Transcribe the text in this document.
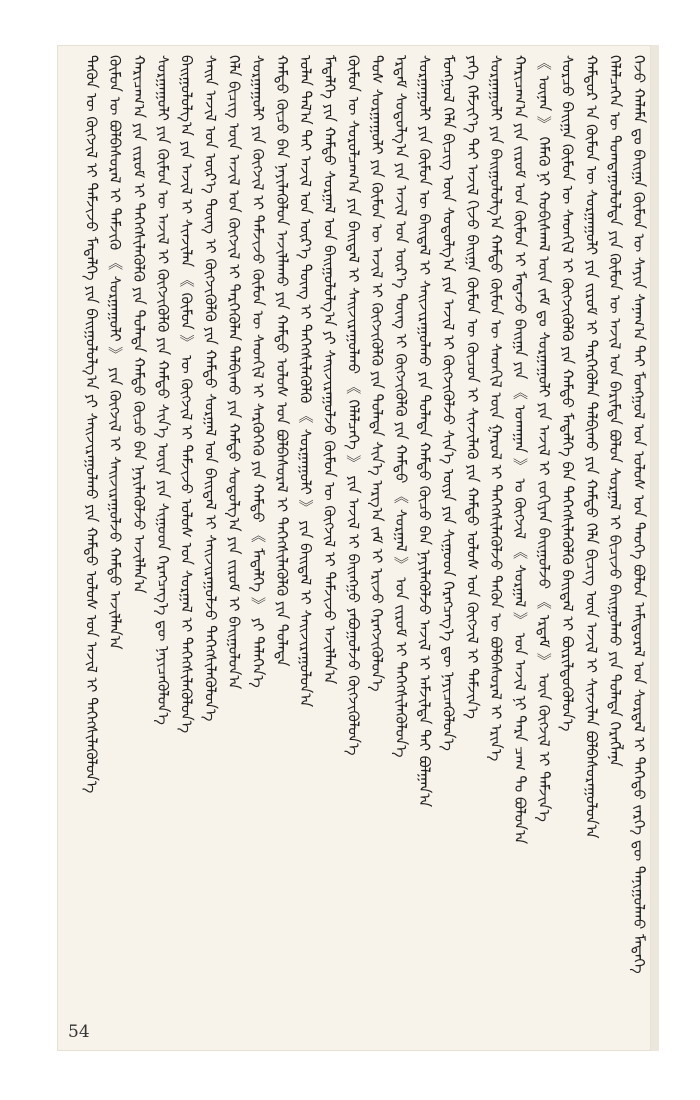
ᠭᠡᠵᠦ ᠬᠠᠯᠠᠮᠠ ᠳᠤ ᠪᠠᠢᠭᠠ ᠬᠥᠮᠦᠨ ᠦ ᠰᠠᠶᠢᠨ ᠰᠠᠨᠠᠭ᠎ᠠ ᠲᠠᠢ ᠮᠣᠩᠭᠣᠯ ᠤᠨ ᠤᠯᠤᠰ ᠤᠨ ᠲᠡᠦᠬᠡ ᠪᠣᠯᠣᠨ ᠠᠮᠢᠳᠤᠷᠠᠯ ᠤᠨ ᠰᠤᠷᠳᠠᠯ ᠢ ᠳᠡᠭᠡᠳᠦ ᠵᠡᠷᠭᠡ ᠳᠦ ᠲᠠᠨᠢᠭᠤᠯᠬᠤ ᠮᠡᠳᠡᠭᠡ
ᠬᠡᠯᠡᠯᠴᠡᠭᠡᠨ ᠦ ᠲᠣᠭᠲᠠᠭᠤᠯᠤᠯᠲᠠ ᠶᠢᠨ ᠬᠦᠮᠦᠨ ᠦ ᠠᠵᠢᠯ ᠤᠨ ᠪᠠᠷᠢᠮᠲᠠ ᠪᠣᠯᠣᠨ ᠰᠤᠷᠭᠠᠯ ᠢ ᠪᠢᠴᠢᠵᠦ ᠪᠠᠢᠭᠤᠯᠬᠤ ᠶᠢᠨ ᠲᠤᠯᠠᠳᠠ ᠬᠡᠷᠡᠭᠯᠡᠨᠡ
ᠬᠠᠮᠲᠤᠷ ᠠ ᠬᠦᠮᠦᠨ ᠦ ᠰᠤᠷᠭᠠᠭᠤᠯᠢ ᠶᠢᠨ ᠵᠢᠷᠤᠮ ᠢ ᠲᠡᠷᠭᠡᠭᠦᠯᠡᠨ ᠲᠠᠯᠪᠢᠬᠤ ᠶᠢᠨ ᠬᠠᠮᠲᠤ ᠬᠡᠯᠡ ᠪᠢᠴᠢᠭ᠌ ᠦᠨ ᠠᠵᠢᠯ ᠢ ᠰᠢᠨᠵᠢᠯᠡᠨ ᠪᠣᠯᠪᠠᠰᠤᠷᠠᠭᠤᠯᠤᠨ᠎ᠠ
ᠰᠤᠷᠴᠤ ᠪᠠᠢᠭᠠ ᠬᠦᠮᠦᠨ ᠦ ᠰᠡᠳᠬᠢᠯ ᠢ ᠬᠥᠭᠵᠢᠭᠦᠯᠬᠦ ᠶᠢᠨ ᠬᠠᠮᠲᠤ ᠮᠡᠳᠡᠯᠭᠡ ᠪᠡᠨ ᠳᠡᠭᠡᠭᠰᠢᠯᠡᠭᠦᠯᠬᠦ ᠪᠠᠢᠳᠠᠯ ᠢ ᠪᠦᠷᠢᠯᠳᠦᠭᠦᠯᠦᠨ᠎ᠡ
《 ᠦᠨᠡᠨ 》 ᠬᠡᠮᠡᠬᠦ ᠨᠢ ᠬᠤᠪᠢᠰᠬᠠᠯ ᠦᠨ ᠵᠠᠮ ᠳᠤ ᠰᠤᠷᠭᠠᠭᠤᠯᠢ ᠶᠢᠨ ᠠᠵᠢᠯ ᠢ ᠵᠣᠬᠢᠶᠠᠨ ᠪᠠᠢᠭᠤᠯᠵᠤ 《 ᠡᠷᠳᠡᠮ 》 ᠦᠨ ᠬᠥᠭᠵᠢᠯ ᠢ ᠳᠡᠮᠵᠢᠨ᠎ᠡ
ᠬᠠᠷᠢᠴᠠᠭ᠎ᠠ ᠶᠢᠨ ᠵᠢᠷᠤᠮ ᠤᠨ ᠬᠦᠮᠦᠨ ᠢ ᠮᠡᠳᠡᠵᠦ ᠪᠠᠢᠭᠠ ᠶᠢᠨ 《 ᠤᠬᠠᠭᠠᠨ 》 ᠤ ᠬᠥᠭᠵᠢᠯ 《 ᠰᠤᠷᠭᠠᠯ 》 ᠤᠨ ᠠᠵᠢᠯ ᠨᠢ ᠲᠡᠷᠡ ᠴᠠᠭ ᠲᠤ ᠪᠣᠯᠤᠨ᠎ᠠ
ᠰᠤᠷᠭᠠᠭᠤᠯᠢ ᠶᠢᠨ ᠪᠠᠢᠭᠤᠯᠤᠯᠭ᠎ᠠ ᠬᠠᠮᠲᠤ ᠬᠦᠮᠦᠨ ᠦ ᠰᠡᠳᠬᠢᠯ ᠦᠨ ᠭᠠᠷᠤᠯ ᠢ ᠳᠡᠭᠡᠭᠰᠢᠯᠡᠭᠦᠯᠵᠦ ᠲᠡᠭᠦᠨ ᠦ ᠪᠣᠯᠪᠠᠰᠤᠷᠠᠯ ᠢ ᠡᠷᠢᠨ᠎ᠡ
ᠶᠡᠬᠡ ᠬᠡᠮᠵᠢᠶ᠎ᠡ ᠲᠡᠢ ᠠᠵᠢᠯ ᠬᠢᠵᠦ ᠪᠠᠢᠭᠠ ᠬᠦᠮᠦᠨ ᠦ ᠬᠦᠴᠦᠨ ᠢ ᠰᠢᠨᠵᠢᠯᠡᠬᠦ ᠶᠢᠨ ᠬᠠᠮᠲᠤ ᠤᠯᠤᠰ ᠤᠨ ᠬᠥᠭᠵᠢᠯ ᠢ ᠳᠡᠮᠵᠢᠨ᠎ᠡ
ᠮᠣᠩᠭᠣᠯ ᠬᠡᠯᠡ ᠪᠢᠴᠢᠭ᠌ ᠦᠨ ᠰᠤᠳᠤᠯᠭ᠎ᠠ ᠶᠢᠨ ᠠᠵᠢᠯ ᠢ ᠬᠥᠭᠵᠢᠭᠦᠯᠵᠦ ᠰᠢᠨ᠎ᠡ ᠦᠶᠡ ᠶᠢᠨ ᠰᠢᠭᠤᠳ ᠬᠡᠷᠡᠭᠴᠡᠭ᠎ᠡ ᠳᠦ ᠨᠡᠶᠢᠴᠡᠭᠦᠯᠦᠨ᠎ᠡ
ᠰᠤᠷᠭᠠᠭᠤᠯᠢ ᠶᠢᠨ ᠬᠦᠮᠦᠨ ᠦ ᠪᠠᠢᠳᠠᠯ ᠢ ᠰᠠᠢᠵᠢᠷᠠᠭᠤᠯᠬᠤ ᠶᠢᠨ ᠲᠤᠯᠠᠳᠠ ᠬᠠᠮᠲᠤ ᠬᠦᠴᠦ ᠪᠡᠨ ᠨᠡᠶᠢᠯᠡᠭᠦᠯᠵᠦ ᠠᠵᠢᠯ ᠢ ᠠᠮᠵᠢᠯᠲᠠ ᠲᠠᠢ ᠪᠣᠯᠭᠠᠨ᠎ᠠ
ᠡᠷᠳᠡᠮ ᠰᠤᠳᠤᠯᠭ᠎ᠠ ᠶᠢᠨ ᠠᠵᠢᠯ ᠤᠨ ᠦᠷ᠎ᠡ ᠳᠦᠩ ᠢ ᠬᠥᠭᠵᠢᠭᠦᠯᠬᠦ ᠶᠢᠨ ᠬᠠᠮᠲᠤ 《 ᠰᠤᠷᠭᠠᠯ 》 ᠤᠨ ᠵᠢᠷᠤᠮ ᠢ ᠳᠡᠭᠡᠭᠰᠢᠯᠡᠭᠦᠯᠦᠨ᠎ᠡ
ᠲᠤᠰ ᠰᠤᠷᠭᠠᠭᠤᠯᠢ ᠶᠢᠨ ᠬᠦᠮᠦᠨ ᠦ ᠠᠵᠢᠯ ᠢ ᠬᠥᠭᠵᠢᠭᠦᠯᠬᠦ ᠶᠢᠨ ᠲᠤᠯᠠᠳᠠ ᠰᠢᠨ᠎ᠡ ᠠᠷᠭ᠎ᠠ ᠵᠠᠮ ᠢ ᠡᠷᠢᠵᠦ ᠬᠡᠷᠡᠭᠵᠢᠭᠦᠯᠦᠨ᠎ᠡ
ᠬᠦᠮᠦᠨ ᠦ ᠰᠤᠷᠤᠯᠴᠠᠭ᠎ᠠ ᠶᠢᠨ ᠪᠠᠢᠳᠠᠯ ᠢ ᠰᠠᠢᠵᠢᠷᠠᠭᠤᠯᠬᠤ 《 ᠬᠡᠯᠡᠯᠴᠡᠭᠡ 》 ᠶᠢᠨ ᠠᠵᠢᠯ ᠢ ᠪᠠᠢᠩᠭᠤ ᠶᠠᠪᠤᠭᠤᠯᠵᠤ ᠬᠥᠭᠵᠢᠭᠦᠯᠦᠨ᠎ᠡ
ᠮᠡᠳᠡᠯᠭᠡ ᠶᠢᠨ ᠬᠠᠮᠲᠤ ᠰᠤᠷᠭᠠᠯ ᠤᠨ ᠪᠠᠢᠭᠤᠯᠤᠯᠭ᠎ᠠ ᠶᠢ ᠰᠠᠢᠵᠢᠷᠠᠭᠤᠯᠵᠤ ᠬᠦᠮᠦᠨ ᠦ ᠬᠥᠭᠵᠢᠯ ᠢ ᠳᠡᠮᠵᠢᠵᠦ ᠠᠵᠢᠯᠯᠠᠨ᠎ᠠ
ᠣᠯᠠᠨ ᠲᠠᠯ᠎ᠠ ᠲᠠᠢ ᠠᠵᠢᠯ ᠤᠨ ᠦᠷ᠎ᠡ ᠳᠦᠩ ᠢ ᠳᠡᠭᠡᠭᠰᠢᠯᠡᠭᠦᠯᠬᠦ 《 ᠰᠤᠷᠭᠠᠭᠤᠯᠢ 》 ᠶᠢᠨ ᠪᠠᠢᠳᠠᠯ ᠢ ᠰᠠᠢᠵᠢᠷᠠᠭᠤᠯᠤᠨ᠎ᠠ
ᠬᠠᠮᠲᠤ ᠬᠦᠴᠦ ᠪᠡᠨ ᠨᠡᠶᠢᠯᠡᠭᠦᠯᠦᠨ ᠠᠵᠢᠯᠯᠠᠬᠤ ᠶᠢᠨ ᠬᠠᠮᠲᠤ ᠤᠯᠤᠰ ᠤᠨ ᠪᠣᠯᠪᠠᠰᠤᠷᠠᠯ ᠢ ᠳᠡᠭᠡᠭᠰᠢᠯᠡᠭᠦᠯᠬᠦ ᠶᠢᠨ ᠲᠤᠯᠠᠳᠠ
ᠰᠤᠷᠭᠠᠭᠤᠯᠢ ᠶᠢᠨ ᠬᠥᠭᠵᠢᠯ ᠢ ᠳᠡᠮᠵᠢᠵᠦ ᠬᠦᠮᠦᠨ ᠦ ᠰᠡᠳᠬᠢᠯ ᠢ ᠰᠡᠷᠭᠦᠭᠡᠬᠦ ᠶᠢᠨ ᠬᠠᠮᠲᠤ 《 ᠮᠡᠳᠡᠯᠭᠡ 》 ᠶᠢ ᠲᠡᠯᠡᠭᠡᠨ᠎ᠡ
ᠬᠡᠯᠡ ᠪᠢᠴᠢᠭ᠌ ᠦᠨ ᠠᠵᠢᠯ ᠤᠨ ᠬᠥᠭᠵᠢᠯ ᠢ ᠲᠡᠷᠭᠡᠭᠦᠯᠡᠨ ᠲᠠᠯᠪᠢᠬᠤ ᠶᠢᠨ ᠬᠠᠮᠲᠤ ᠰᠤᠳᠤᠯᠭ᠎ᠠ ᠶᠢᠨ ᠵᠢᠷᠤᠮ ᠢ ᠪᠠᠢᠭᠤᠯᠤᠨ᠎ᠠ
ᠰᠠᠢᠨ ᠠᠵᠢᠯ ᠤᠨ ᠦᠷ᠎ᠡ ᠳᠦᠩ ᠢ ᠬᠥᠭᠵᠢᠭᠦᠯᠬᠦ ᠶᠢᠨ ᠬᠠᠮᠲᠤ ᠰᠤᠷᠭᠠᠯ ᠤᠨ ᠪᠠᠢᠳᠠᠯ ᠢ ᠰᠠᠢᠵᠢᠷᠠᠭᠤᠯᠵᠤ ᠳᠡᠭᠡᠭᠰᠢᠯᠡᠭᠦᠯᠦᠨ᠎ᠡ
ᠪᠠᠢᠭᠤᠯᠤᠯᠭ᠎ᠠ ᠶᠢᠨ ᠠᠵᠢᠯ ᠢ ᠰᠢᠨᠵᠢᠯᠡᠨ 《 ᠬᠦᠮᠦᠨ 》 ᠦ ᠬᠥᠭᠵᠢᠯ ᠢ ᠳᠡᠮᠵᠢᠵᠦ ᠤᠯᠤᠰ ᠤᠨ ᠰᠤᠷᠭᠠᠯ ᠢ ᠳᠡᠭᠡᠭᠰᠢᠯᠡᠭᠦᠯᠦᠨ᠎ᠡ
ᠰᠤᠷᠭᠠᠭᠤᠯᠢ ᠶᠢᠨ ᠬᠦᠮᠦᠨ ᠦ ᠠᠵᠢᠯ ᠢ ᠬᠥᠭᠵᠢᠭᠦᠯᠬᠦ ᠶᠢᠨ ᠬᠠᠮᠲᠤ ᠰᠢᠨ᠎ᠡ ᠦᠶᠡ ᠶᠢᠨ ᠰᠢᠭᠤᠳ ᠬᠡᠷᠡᠭᠴᠡᠭ᠎ᠡ ᠳᠦ ᠨᠡᠶᠢᠴᠡᠭᠦᠯᠦᠨ᠎ᠡ
ᠬᠠᠷᠢᠴᠠᠭ᠎ᠠ ᠶᠢᠨ ᠵᠢᠷᠤᠮ ᠢ ᠳᠡᠭᠡᠭᠰᠢᠯᠡᠭᠦᠯᠬᠦ ᠶᠢᠨ ᠲᠤᠯᠠᠳᠠ ᠬᠠᠮᠲᠤ ᠬᠦᠴᠦ ᠪᠡᠨ ᠨᠡᠶᠢᠯᠡᠭᠦᠯᠵᠦ ᠠᠵᠢᠯᠯᠠᠨ᠎ᠠ
ᠬᠦᠮᠦᠨ ᠦ ᠪᠣᠯᠪᠠᠰᠤᠷᠠᠯ ᠢ ᠳᠡᠮᠵᠢᠬᠦ 《 ᠰᠤᠷᠭᠠᠭᠤᠯᠢ 》 ᠶᠢᠨ ᠬᠥᠭᠵᠢᠯ ᠢ ᠰᠠᠢᠵᠢᠷᠠᠭᠤᠯᠵᠤ ᠬᠠᠮᠲᠤ ᠠᠵᠢᠯᠯᠠᠨ᠎ᠠ
ᠲᠡᠭᠦᠨ ᠦ ᠬᠥᠭᠵᠢᠯ ᠢ ᠳᠡᠮᠵᠢᠵᠦ ᠮᠡᠳᠡᠯᠭᠡ ᠶᠢᠨ ᠪᠠᠢᠭᠤᠯᠤᠯᠭ᠎ᠠ ᠶᠢ ᠰᠠᠢᠵᠢᠷᠠᠭᠤᠯᠬᠤ ᠶᠢᠨ ᠬᠠᠮᠲᠤ ᠤᠯᠤᠰ ᠤᠨ ᠠᠵᠢᠯ ᠢ ᠳᠡᠭᠡᠭᠰᠢᠯᠡᠭᠦᠯᠦᠨ᠎ᠡ
54
